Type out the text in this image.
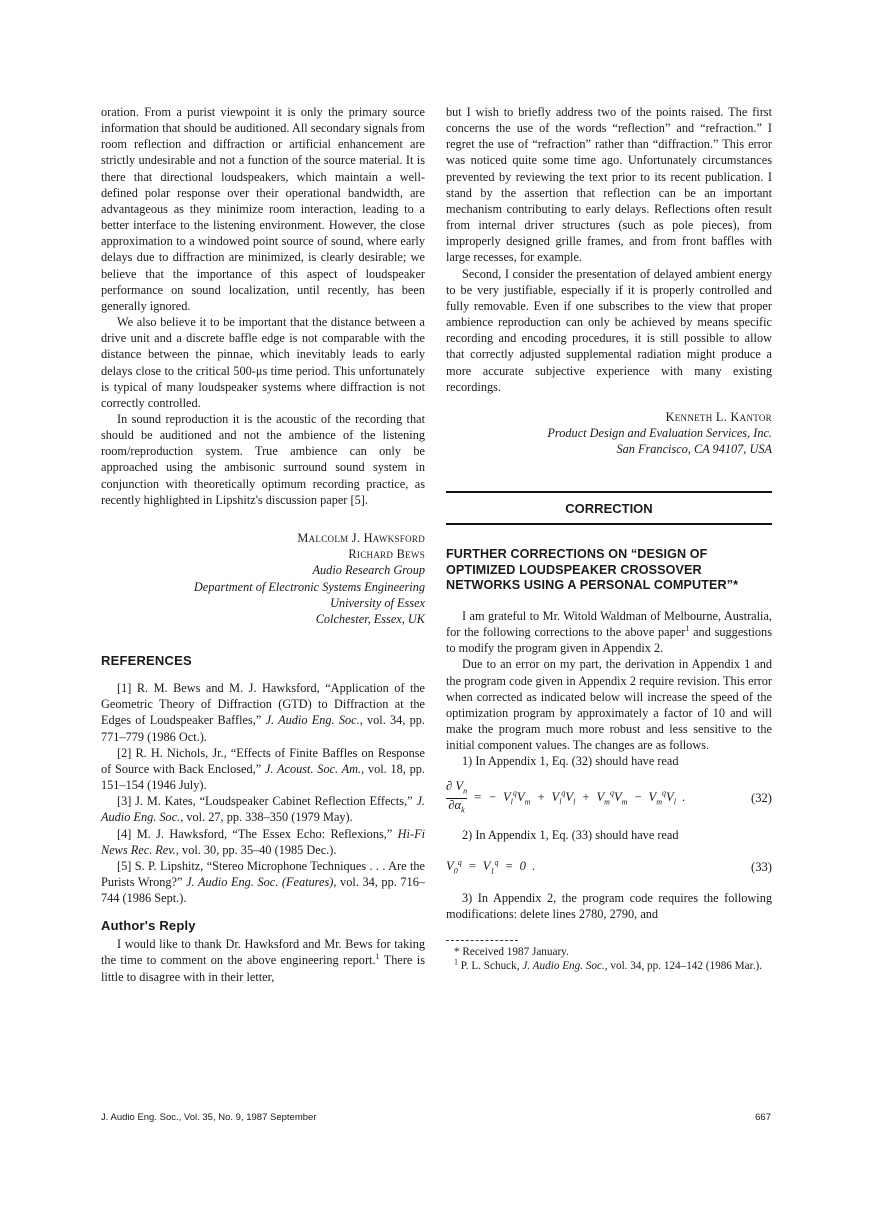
oration. From a purist viewpoint it is only the primary source information that should be auditioned. All secondary signals from room reflection and diffraction or artificial enhancement are strictly undesirable and not a function of the source material. It is there that directional loudspeakers, which maintain a well-defined polar response over their operational bandwidth, are advantageous as they minimize room interaction, leading to a better interface to the listening environment. However, the close approximation to a windowed point source of sound, where early delays due to diffraction are minimized, is clearly desirable; we believe that the importance of this aspect of loudspeaker performance on sound localization, until recently, has been generally ignored.

We also believe it to be important that the distance between a drive unit and a discrete baffle edge is not comparable with the distance between the pinnae, which inevitably leads to early delays close to the critical 500-μs time period. This unfortunately is typical of many loudspeaker systems where diffraction is not correctly controlled.

In sound reproduction it is the acoustic of the recording that should be auditioned and not the ambience of the listening room/reproduction system. True ambience can only be approached using the ambisonic surround sound system in conjunction with theoretically optimum recording practice, as recently highlighted in Lipshitz's discussion paper [5].

Malcolm J. Hawksford
Richard Bews
Audio Research Group
Department of Electronic Systems Engineering
University of Essex
Colchester, Essex, UK
REFERENCES

[1] R. M. Bews and M. J. Hawksford, “Application of the Geometric Theory of Diffraction (GTD) to Diffraction at the Edges of Loudspeaker Baffles,” J. Audio Eng. Soc., vol. 34, pp. 771–779 (1986 Oct.).

[2] R. H. Nichols, Jr., “Effects of Finite Baffles on Response of Source with Back Enclosed,” J. Acoust. Soc. Am., vol. 18, pp. 151–154 (1946 July).

[3] J. M. Kates, “Loudspeaker Cabinet Reflection Effects,” J. Audio Eng. Soc., vol. 27, pp. 338–350 (1979 May).

[4] M. J. Hawksford, “The Essex Echo: Reflexions,” Hi-Fi News Rec. Rev., vol. 30, pp. 35–40 (1985 Dec.).

[5] S. P. Lipshitz, “Stereo Microphone Techniques . . . Are the Purists Wrong?” J. Audio Eng. Soc. (Features), vol. 34, pp. 716–744 (1986 Sept.).

Author's Reply

I would like to thank Dr. Hawksford and Mr. Bews for taking the time to comment on the above engineering report.$^1$ There is little to disagree with in their letter,

but I wish to briefly address two of the points raised. The first concerns the use of the words “reflection” and “refraction.” I regret the use of “refraction” rather than “diffraction.” This error was noticed quite some time ago. Unfortunately circumstances prevented by reviewing the text prior to its recent publication. I stand by the assertion that reflection can be an important mechanism contributing to early delays. Reflections often result from internal driver structures (such as pole pieces), from improperly designed grille frames, and from front baffles with large recesses, for example.

Second, I consider the presentation of delayed ambient energy to be very justifiable, especially if it is properly controlled and fully removable. Even if one subscribes to the view that proper ambience reproduction can only be achieved by means specific recording and encoding procedures, it is still possible to allow that correctly adjusted supplemental radiation might produce a more accurate subjective experience with many existing recordings.

Kenneth L. Kantor
Product Design and Evaluation Services, Inc.
San Francisco, CA 94107, USA
CORRECTION
FURTHER CORRECTIONS ON “DESIGN OF OPTIMIZED LOUDSPEAKER CROSSOVER NETWORKS USING A PERSONAL COMPUTER”*

I am grateful to Mr. Witold Waldman of Melbourne, Australia, for the following corrections to the above paper$^1$ and suggestions to modify the program given in Appendix 2.

Due to an error on my part, the derivation in Appendix 1 and the program code given in Appendix 2 require revision. This error when corrected as indicated below will increase the speed of the optimization program by approximately a factor of 10 and will make the program much more robust and less sensitive to the initial component values. The changes are as follows.

1) In Appendix 1, Eq. (32) should have read

$\frac{\partial V_n}{\partial\alpha_k}$ =  −  $V_l^qV_m + V_l^qV_l + V_m^qV_m - V_m^qV_l$  .	(32)

2) In Appendix 1, Eq. (33) should have read

$V_0^q = V_1^q = 0$  .	(33)

3) In Appendix 2, the program code requires the following modifications: delete lines 2780, 2790, and

* Received 1987 January.

$^1$ P. L. Schuck, J. Audio Eng. Soc., vol. 34, pp. 124–142 (1986 Mar.).

J. Audio Eng. Soc., Vol. 35, No. 9, 1987 September	667
